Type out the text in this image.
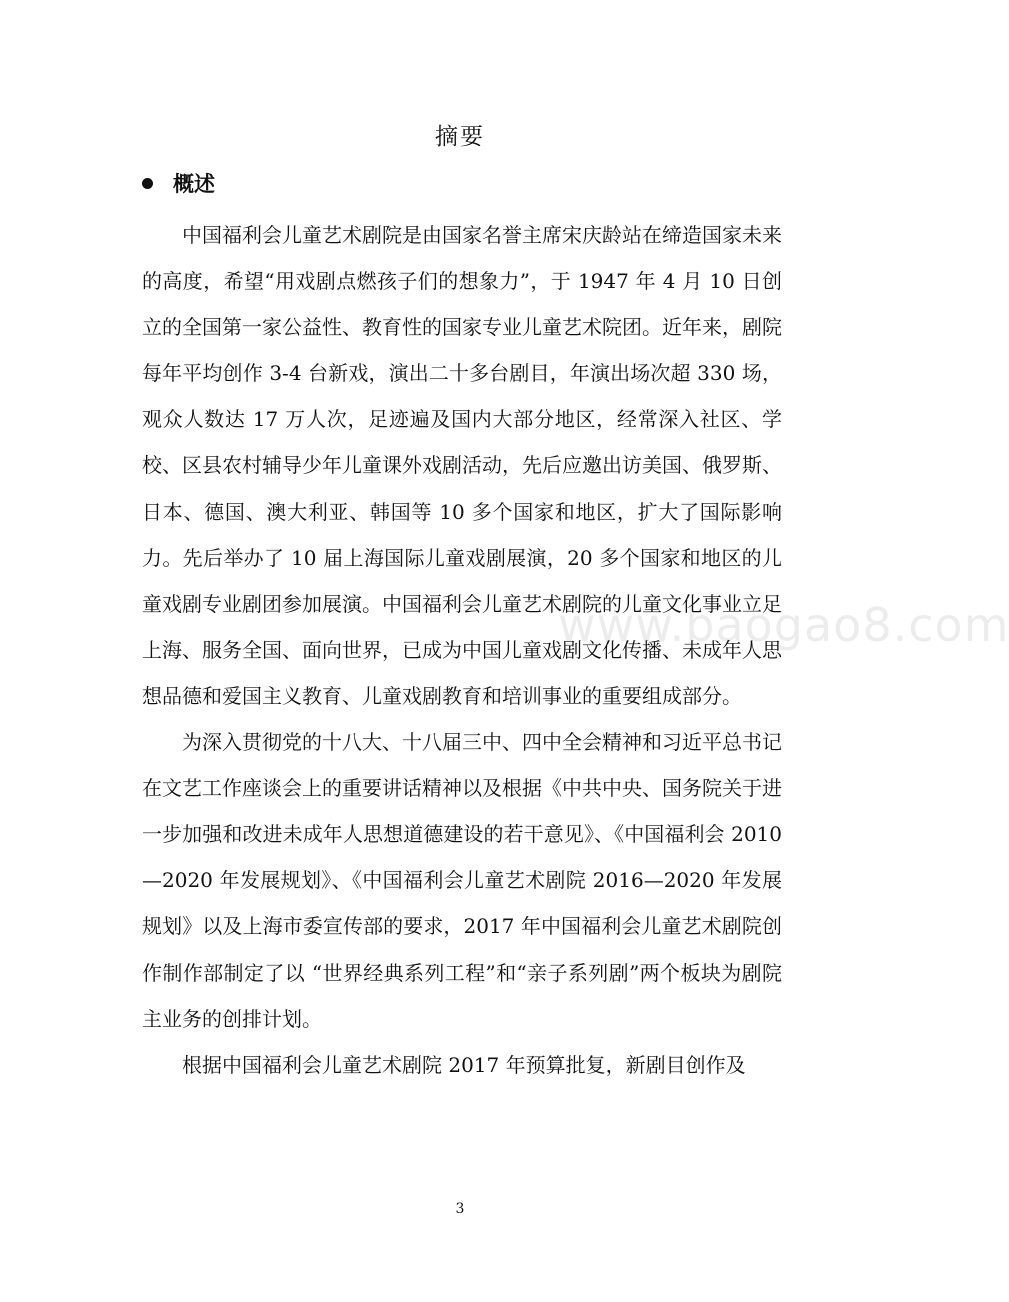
摘要
概述

中国福利会儿童艺术剧院是由国家名誉主席宋庆龄站在缔造国家未来的高度，希望“用戏剧点燃孩子们的想象力”，于 1947 年 4 月 10 日创立的全国第一家公益性、教育性的国家专业儿童艺术院团。近年来，剧院每年平均创作 3-4 台新戏，演出二十多台剧目，年演出场次超 330 场，观众人数达 17 万人次，足迹遍及国内大部分地区，经常深入社区、学校、区县农村辅导少年儿童课外戏剧活动，先后应邀出访美国、俄罗斯、日本、德国、澳大利亚、韩国等 10 多个国家和地区，扩大了国际影响力。先后举办了 10 届上海国际儿童戏剧展演，20 多个国家和地区的儿童戏剧专业剧团参加展演。中国福利会儿童艺术剧院的儿童文化事业立足上海、服务全国、面向世界，已成为中国儿童戏剧文化传播、未成年人思想品德和爱国主义教育、儿童戏剧教育和培训事业的重要组成部分。

为深入贯彻党的十八大、十八届三中、四中全会精神和习近平总书记在文艺工作座谈会上的重要讲话精神以及根据《中共中央、国务院关于进一步加强和改进未成年人思想道德建设的若干意见》、《中国福利会 2010—2020 年发展规划》、《中国福利会儿童艺术剧院 2016—2020 年发展规划》以及上海市委宣传部的要求，2017 年中国福利会儿童艺术剧院创作制作部制定了以 “世界经典系列工程”和“亲子系列剧”两个板块为剧院主业务的创排计划。

根据中国福利会儿童艺术剧院 2017 年预算批复，新剧目创作及

www.baogao8.com
3
